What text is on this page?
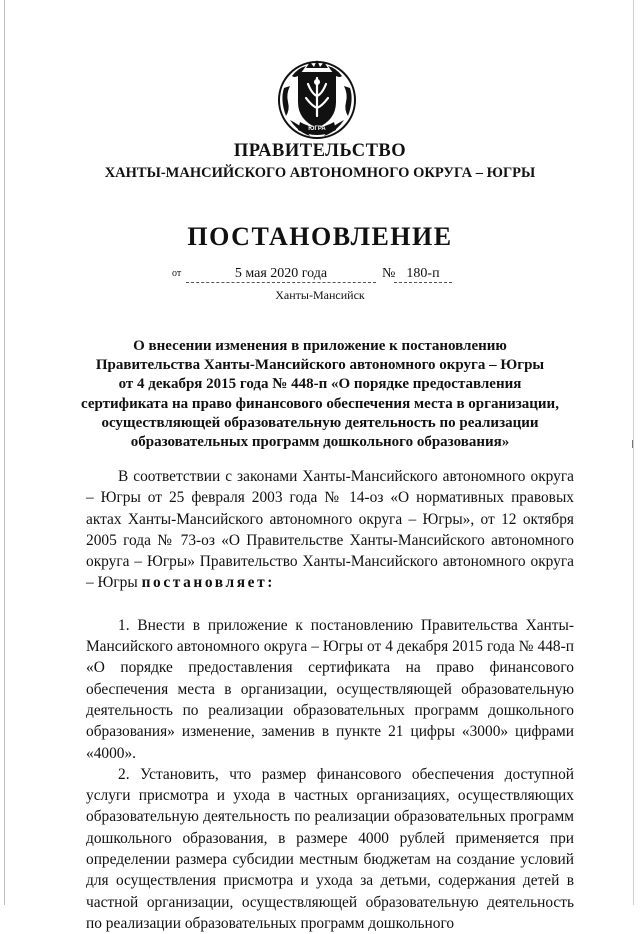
ЮГРА
ПРАВИТЕЛЬСТВО
ХАНТЫ-МАНСИЙСКОГО АВТОНОМНОГО ОКРУГА – ЮГРЫ
ПОСТАНОВЛЕНИЕ
от	5 мая 2020 года	№ 180-п
Ханты-Мансийск
О внесении изменения в приложение к постановлению
Правительства Ханты-Мансийского автономного округа – Югры
от 4 декабря 2015 года № 448-п «О порядке предоставления
сертификата на право финансового обеспечения места в организации,
осуществляющей образовательную деятельность по реализации
образовательных программ дошкольного образования»

В соответствии с законами Ханты-Мансийского автономного округа – Югры от 25 февраля 2003 года № 14-оз «О нормативных правовых актах Ханты-Мансийского автономного округа – Югры», от 12 октября 2005 года № 73-оз «О Правительстве Ханты-Мансийского автономного округа – Югры» Правительство Ханты-Мансийского автономного округа – Югры постановляет:

1. Внести в приложение к постановлению Правительства Ханты-Мансийского автономного округа – Югры от 4 декабря 2015 года № 448-п «О порядке предоставления сертификата на право финансового обеспечения места в организации, осуществляющей образовательную деятельность по реализации образовательных программ дошкольного образования» изменение, заменив в пункте 21 цифры «3000» цифрами «4000».

2. Установить, что размер финансового обеспечения доступной услуги присмотра и ухода в частных организациях, осуществляющих образовательную деятельность по реализации образовательных программ дошкольного образования, в размере 4000 рублей применяется при определении размера субсидии местным бюджетам на создание условий для осуществления присмотра и ухода за детьми, содержания детей в частной организации, осуществляющей образовательную деятельность по реализации образовательных программ дошкольного
